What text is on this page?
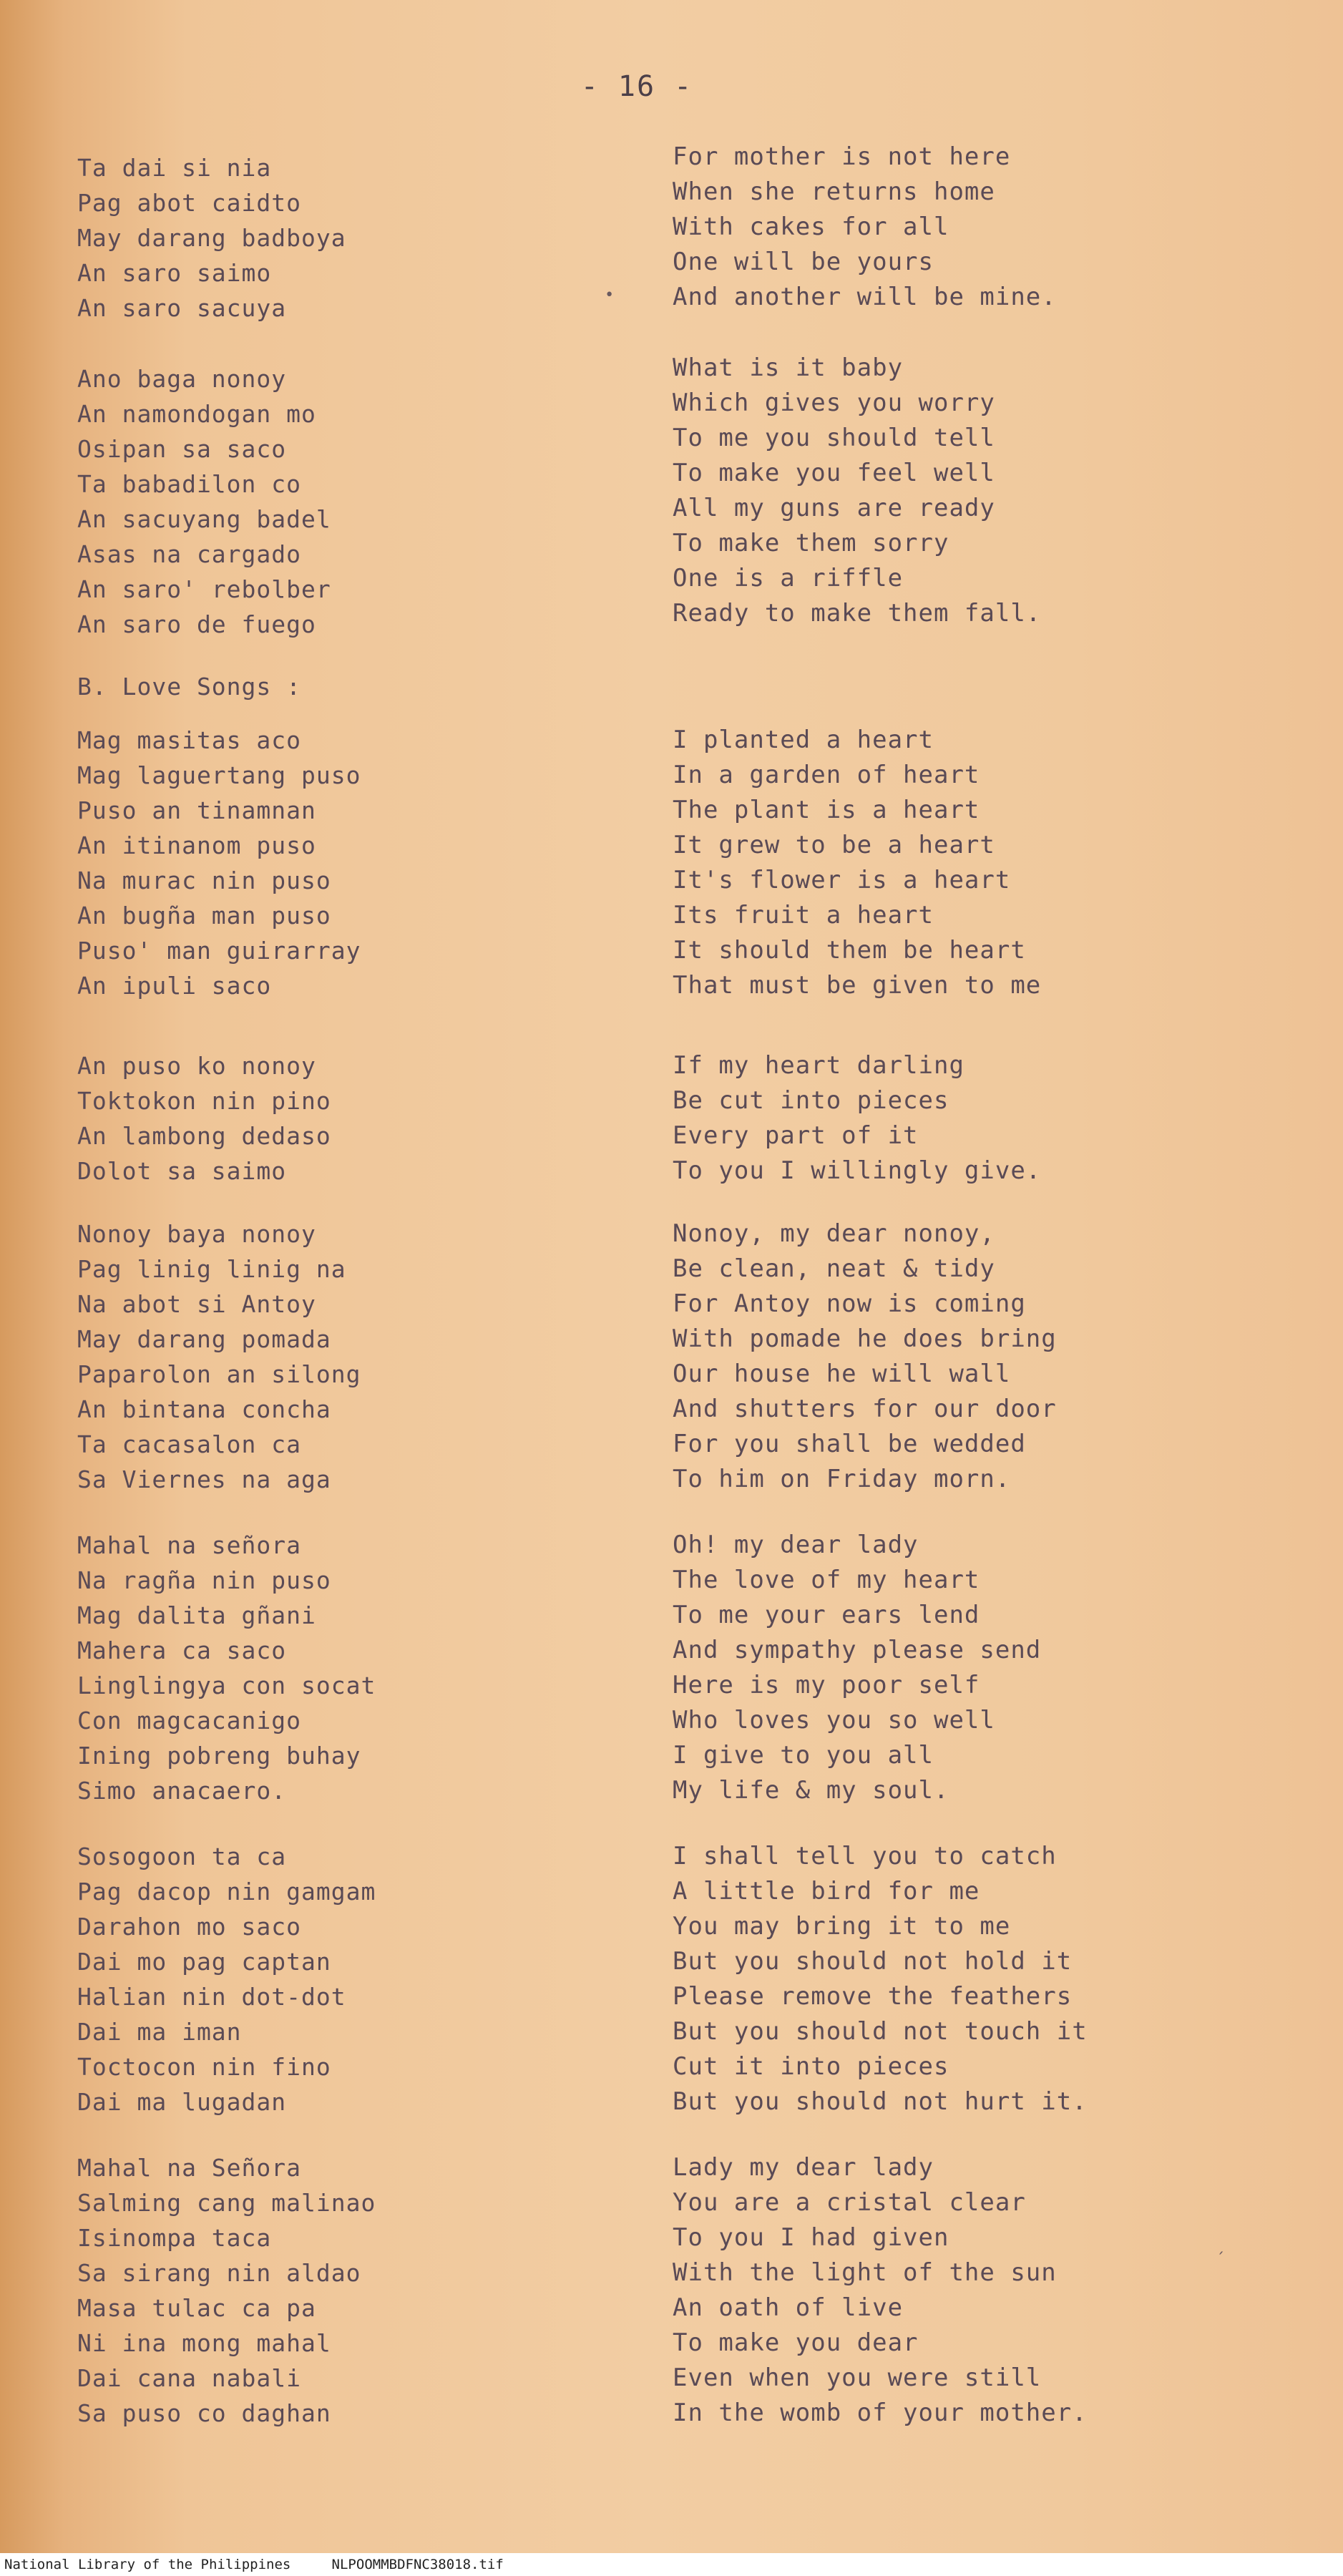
- 16 -
Ta dai si nia
Pag abot caidto
May darang badboya
An saro saimo
An saro sacuya
Ano baga nonoy
An namondogan mo
Osipan sa saco
Ta babadilon co
An sacuyang badel
Asas na cargado
An saro' rebolber
An saro de fuego
Mag masitas aco
Mag laguertang puso
Puso an tinamnan
An itinanom puso
Na murac nin puso
An bugña man puso
Puso' man guirarray
An ipuli saco
An puso ko nonoy
Toktokon nin pino
An lambong dedaso
Dolot sa saimo
Nonoy baya nonoy
Pag linig linig na
Na abot si Antoy
May darang pomada
Paparolon an silong
An bintana concha
Ta cacasalon ca
Sa Viernes na aga
Mahal na señora
Na ragña nin puso
Mag dalita gñani
Mahera ca saco
Linglingya con socat
Con magcacanigo
Ining pobreng buhay
Simo anacaero.
Sosogoon ta ca
Pag dacop nin gamgam
Darahon mo saco
Dai mo pag captan
Halian nin dot-dot
Dai ma iman
Toctocon nin fino
Dai ma lugadan
Mahal na Señora
Salming cang malinao
Isinompa taca
Sa sirang nin aldao
Masa tulac ca pa
Ni ina mong mahal
Dai cana nabali
Sa puso co daghan
B. Love Songs :
For mother is not here
When she returns home
With cakes for all
One will be yours
And another will be mine.
What is it baby
Which gives you worry
To me you should tell
To make you feel well
All my guns are ready
To make them sorry
One is a riffle
Ready to make them fall.
I planted a heart
In a garden of heart
The plant is a heart
It grew to be a heart
It's flower is a heart
Its fruit a heart
It should them be heart
That must be given to me
If my heart darling
Be cut into pieces
Every part of it
To you I willingly give.
Nonoy, my dear nonoy,
Be clean, neat & tidy
For Antoy now is coming
With pomade he does bring
Our house he will wall
And shutters for our door
For you shall be wedded
To him on Friday morn.
Oh! my dear lady
The love of my heart
To me your ears lend
And sympathy please send
Here is my poor self
Who loves you so well
I give to you all
My life & my soul.
I shall tell you to catch
A little bird for me
You may bring it to me
But you should not hold it
Please remove the feathers
But you should not touch it
Cut it into pieces
But you should not hurt it.
Lady my dear lady
You are a cristal clear
To you I had given
With the light of the sun
An oath of live
To make you dear
Even when you were still
In the womb of your mother.
•
ˏ
National Library of the Philippines     NLPOOMMBDFNC38018.tif
